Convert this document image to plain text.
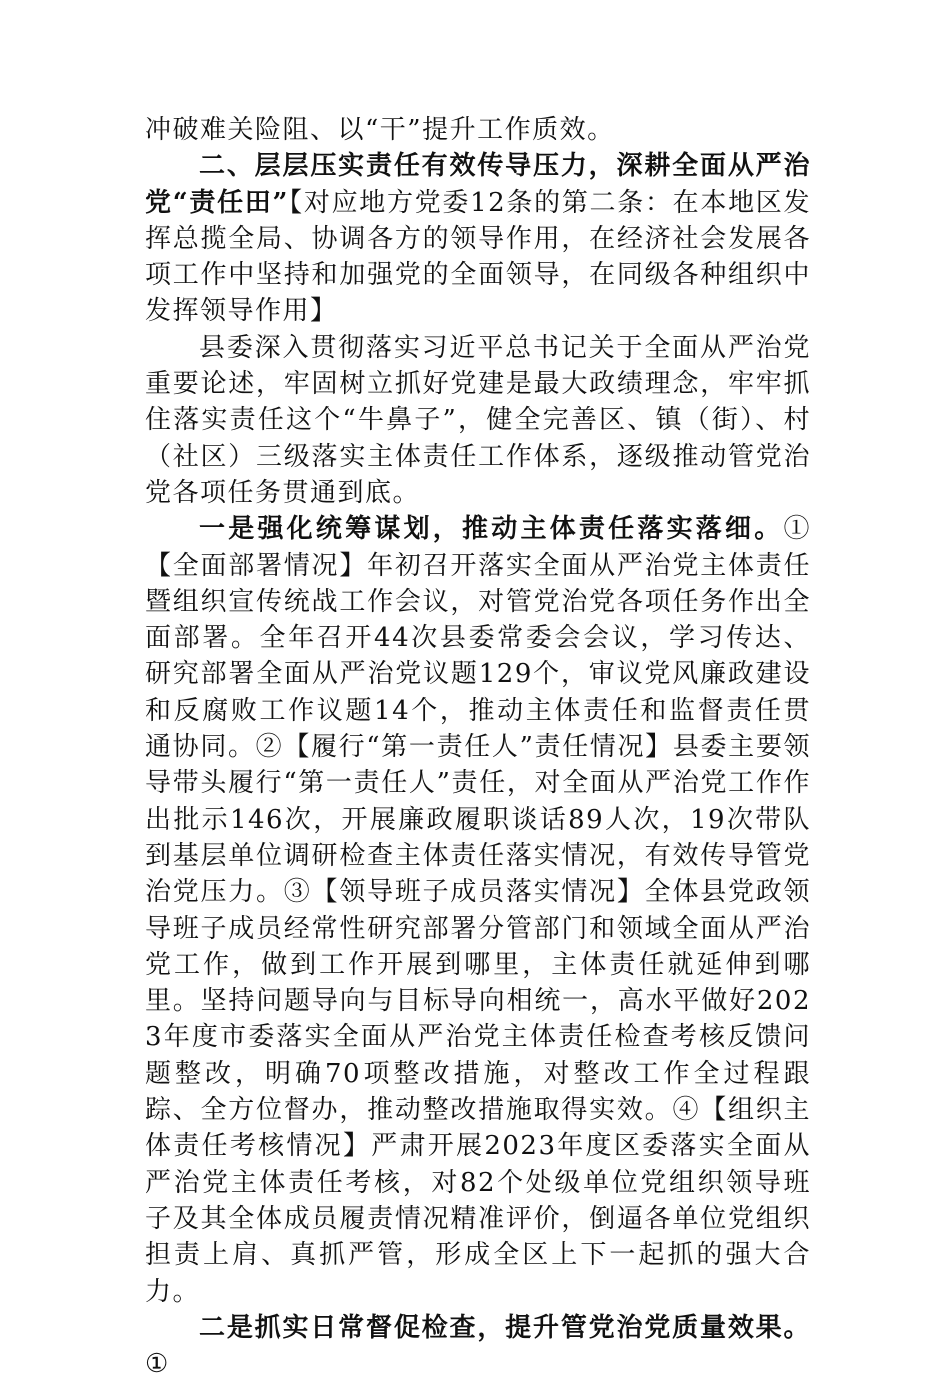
冲破难关险阻、以“干”提升工作质效。

二、层层压实责任有效传导压力，深耕全面从严治党“责任田”【对应地方党委12条的第二条：在本地区发挥总揽全局、协调各方的领导作用，在经济社会发展各项工作中坚持和加强党的全面领导，在同级各种组织中发挥领导作用】

县委深入贯彻落实习近平总书记关于全面从严治党重要论述，牢固树立抓好党建是最大政绩理念，牢牢抓住落实责任这个“牛鼻子”，健全完善区、镇（街）、村（社区）三级落实主体责任工作体系，逐级推动管党治党各项任务贯通到底。

一是强化统筹谋划，推动主体责任落实落细。①【全面部署情况】年初召开落实全面从严治党主体责任暨组织宣传统战工作会议，对管党治党各项任务作出全面部署。全年召开44次县委常委会会议，学习传达、研究部署全面从严治党议题129个，审议党风廉政建设和反腐败工作议题14个，推动主体责任和监督责任贯通协同。②【履行“第一责任人”责任情况】县委主要领导带头履行“第一责任人”责任，对全面从严治党工作作出批示146次，开展廉政履职谈话89人次，19次带队到基层单位调研检查主体责任落实情况，有效传导管党治党压力。③【领导班子成员落实情况】全体县党政领导班子成员经常性研究部署分管部门和领域全面从严治党工作，做到工作开展到哪里，主体责任就延伸到哪里。坚持问题导向与目标导向相统一，高水平做好2023年度市委落实全面从严治党主体责任检查考核反馈问题整改，明确70项整改措施，对整改工作全过程跟踪、全方位督办，推动整改措施取得实效。④【组织主体责任考核情况】严肃开展2023年度区委落实全面从严治党主体责任考核，对82个处级单位党组织领导班子及其全体成员履责情况精准评价，倒逼各单位党组织担责上肩、真抓严管，形成全区上下一起抓的强大合力。

二是抓实日常督促检查，提升管党治党质量效果。①
